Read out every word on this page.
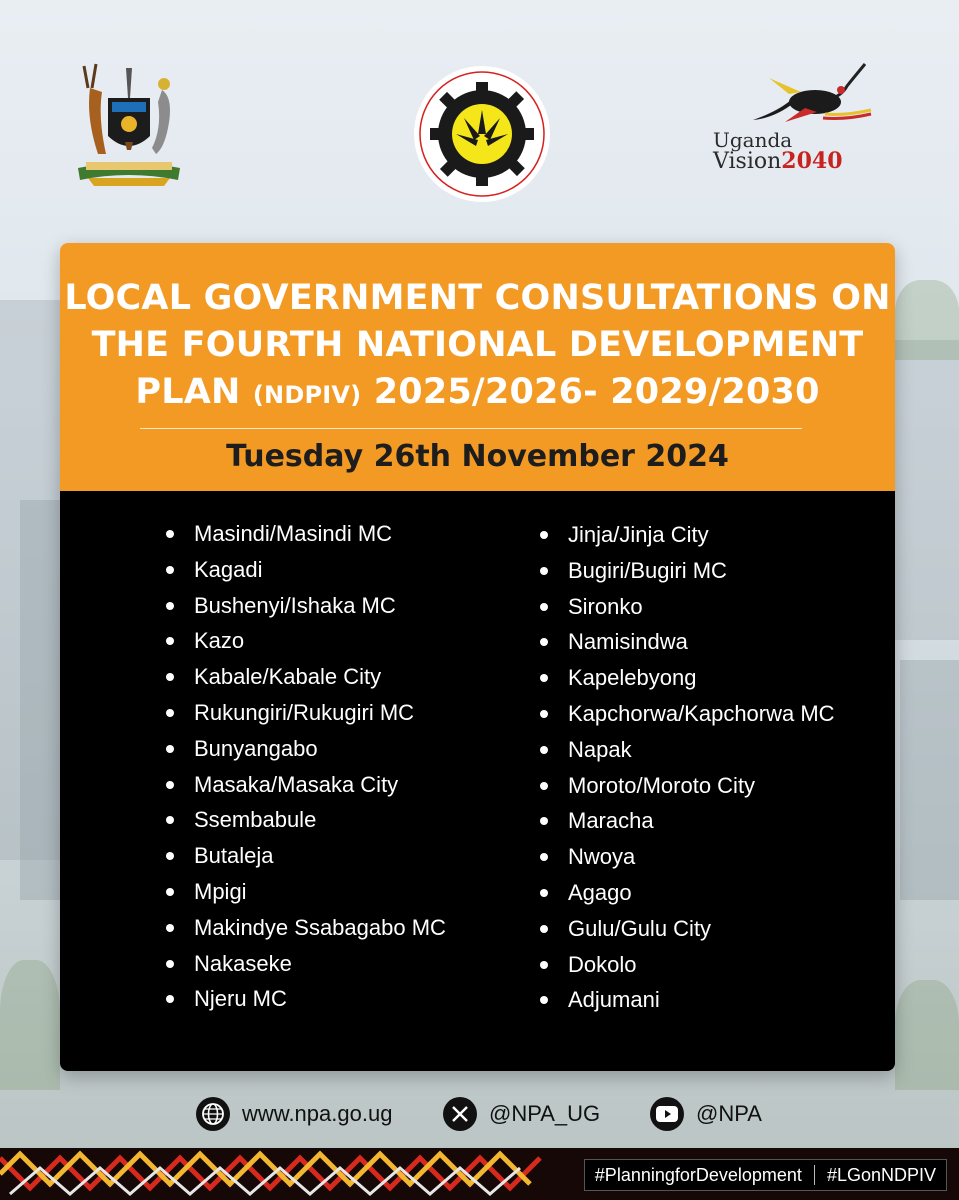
Uganda
Vision2040
LOCAL GOVERNMENT CONSULTATIONS ON
THE FOURTH NATIONAL DEVELOPMENT
PLAN (NDPIV) 2025/2026- 2029/2030
Tuesday 26th November 2024
Masindi/Masindi MC
Kagadi
Bushenyi/Ishaka MC
Kazo
Kabale/Kabale City
Rukungiri/Rukugiri MC
Bunyangabo
Masaka/Masaka City
Ssembabule
Butaleja
Mpigi
Makindye Ssabagabo MC
Nakaseke
Njeru MC
Jinja/Jinja City
Bugiri/Bugiri MC
Sironko
Namisindwa
Kapelebyong
Kapchorwa/Kapchorwa MC
Napak
Moroto/Moroto City
Maracha
Nwoya
Agago
Gulu/Gulu City
Dokolo
Adjumani
www.npa.go.ug	@NPA_UG	@NPA
#PlanningforDevelopment #LGonNDPIV
